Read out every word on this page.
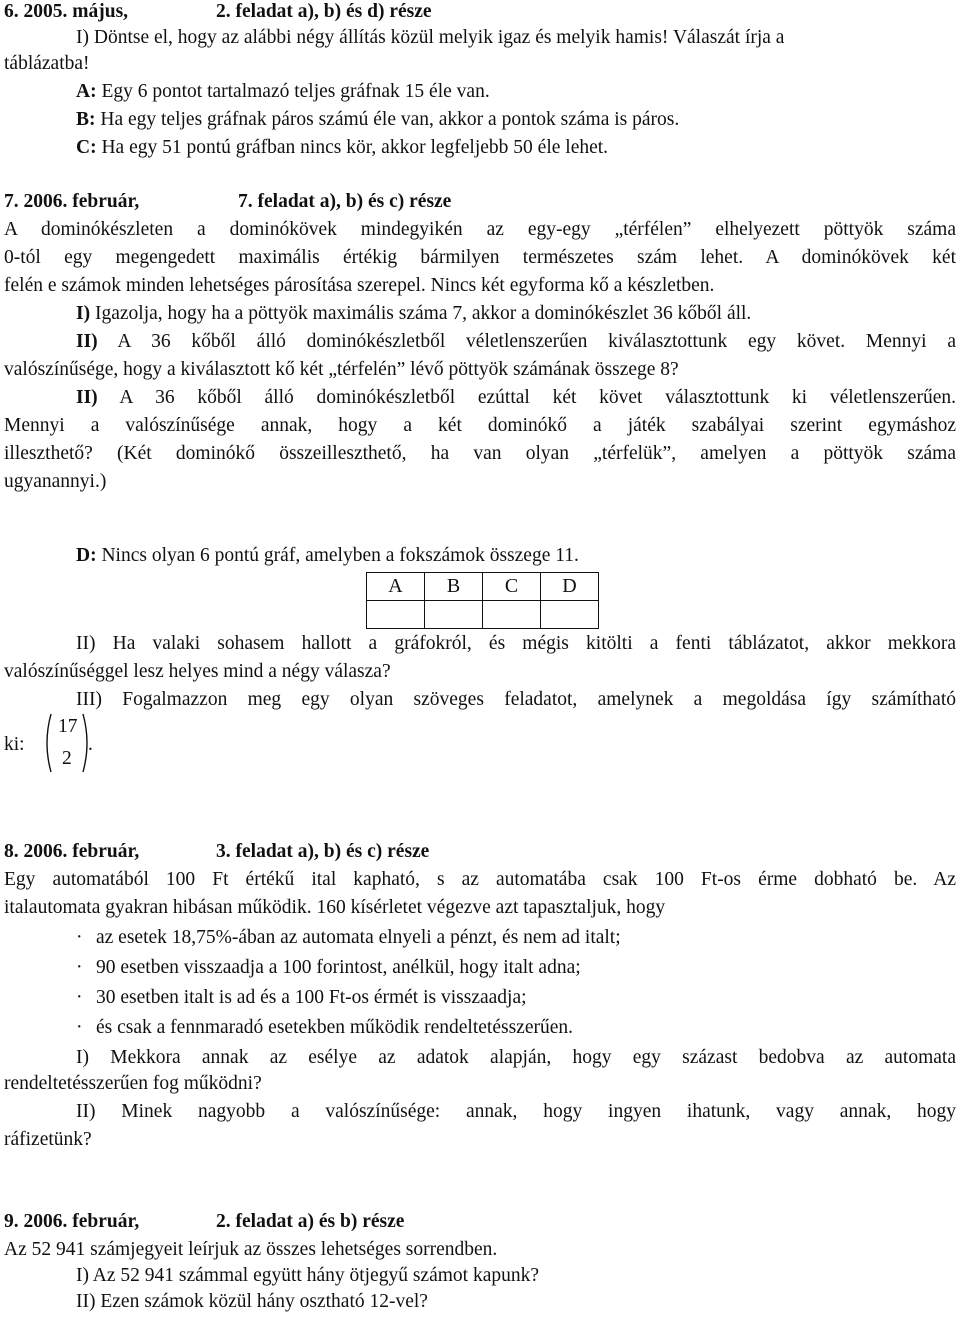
6. 2005. május,	2. feladat a), b) és d) része
I) Döntse el, hogy az alábbi négy állítás közül melyik igaz és melyik hamis! Válaszát írja a
táblázatba!
A: Egy 6 pontot tartalmazó teljes gráfnak 15 éle van.
B: Ha egy teljes gráfnak páros számú éle van, akkor a pontok száma is páros.
C: Ha egy 51 pontú gráfban nincs kör, akkor legfeljebb 50 éle lehet.
7. 2006. február,	7. feladat a), b) és c) része
A dominókészleten a dominókövek mindegyikén az egy-egy „térfélen” elhelyezett pöttyök száma
0-tól egy megengedett maximális értékig bármilyen természetes szám lehet. A dominókövek két
felén e számok minden lehetséges párosítása szerepel. Nincs két egyforma kő a készletben.
I) Igazolja, hogy ha a pöttyök maximális száma 7, akkor a dominókészlet 36 kőből áll.
II) A 36 kőből álló dominókészletből véletlenszerűen kiválasztottunk egy követ. Mennyi a
valószínűsége, hogy a kiválasztott kő két „térfelén” lévő pöttyök számának összege 8?
II) A 36 kőből álló dominókészletből ezúttal két követ választottunk ki véletlenszerűen.
Mennyi a valószínűsége annak, hogy a két dominókő a játék szabályai szerint egymáshoz
illeszthető? (Két dominókő összeilleszthető, ha van olyan „térfelük”, amelyen a pöttyök száma
ugyanannyi.)
D: Nincs olyan 6 pontú gráf, amelyben a fokszámok összege 11.
A	B	C	D

II) Ha valaki sohasem hallott a gráfokról, és mégis kitölti a fenti táblázatot, akkor mekkora
valószínűséggel lesz helyes mind a négy válasza?
III) Fogalmazzon meg egy olyan szöveges feladatot, amelynek a megoldása így számítható
ki:
17
2
.
8. 2006. február,	3. feladat a), b) és c) része
Egy automatából 100 Ft értékű ital kapható, s az automatába csak 100 Ft-os érme dobható be. Az
italautomata gyakran hibásan működik. 160 kísérletet végezve azt tapasztaljuk, hogy
· az esetek 18,75%-ában az automata elnyeli a pénzt, és nem ad italt;
· 90 esetben visszaadja a 100 forintost, anélkül, hogy italt adna;
· 30 esetben italt is ad és a 100 Ft-os érmét is visszaadja;
· és csak a fennmaradó esetekben működik rendeltetésszerűen.
I) Mekkora annak az esélye az adatok alapján, hogy egy százast bedobva az automata
rendeltetésszerűen fog működni?
II) Minek nagyobb a valószínűsége: annak, hogy ingyen ihatunk, vagy annak, hogy
ráfizetünk?
9. 2006. február,	2. feladat a) és b) része
Az 52 941 számjegyeit leírjuk az összes lehetséges sorrendben.
I) Az 52 941 számmal együtt hány ötjegyű számot kapunk?
II) Ezen számok közül hány osztható 12-vel?
